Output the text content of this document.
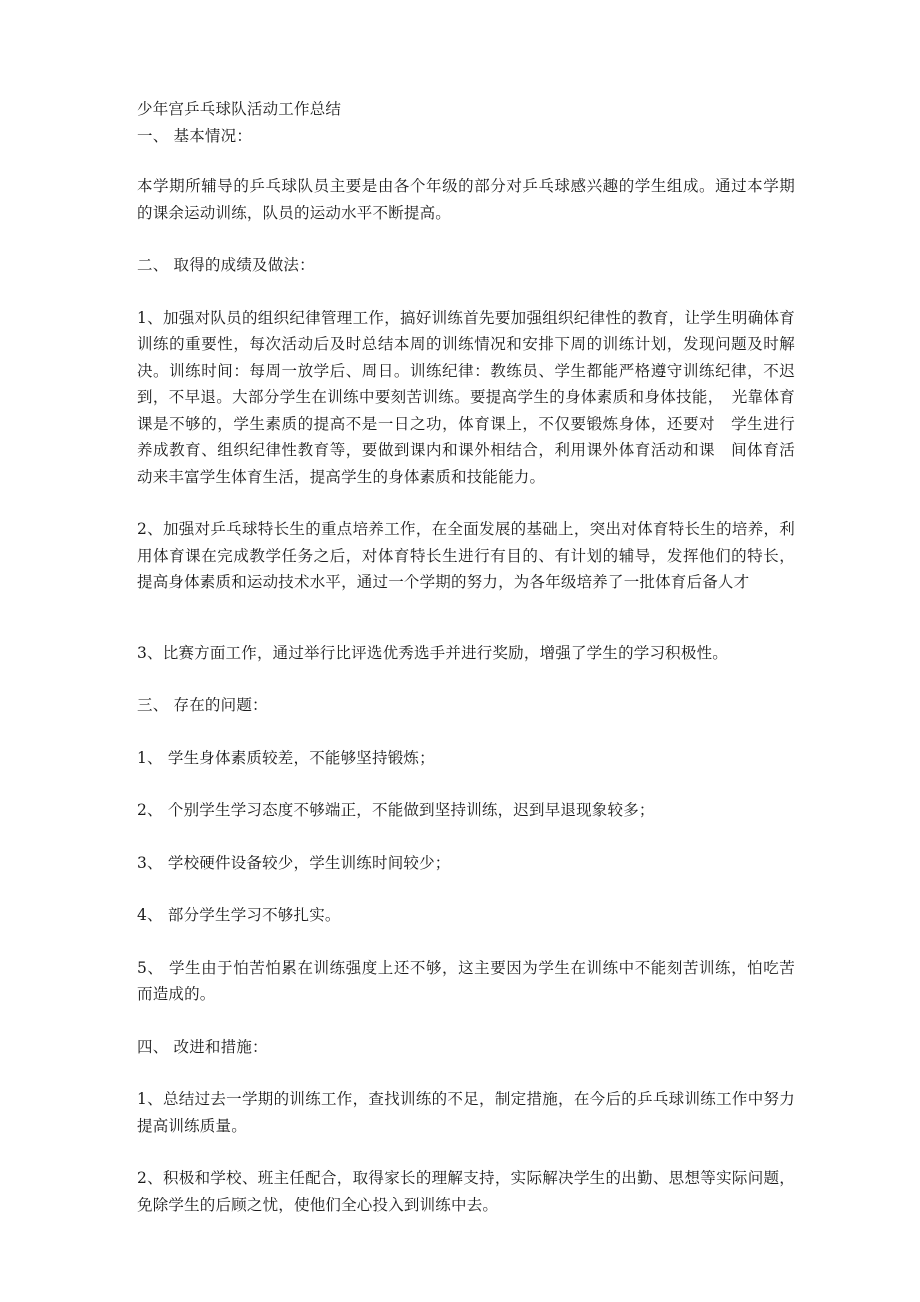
少年宫乒乓球队活动工作总结

一、 基本情况：

本学期所辅导的乒乓球队员主要是由各个年级的部分对乒乓球感兴趣的学生组成。通过本学期的课余运动训练，队员的运动水平不断提高。

二、 取得的成绩及做法：

1、加强对队员的组织纪律管理工作，搞好训练首先要加强组织纪律性的教育，让学生明确体育训练的重要性，每次活动后及时总结本周的训练情况和安排下周的训练计划，发现问题及时解决。训练时间：每周一放学后、周日。训练纪律：教练员、学生都能严格遵守训练纪律，不迟到，不早退。大部分学生在训练中要刻苦训练。要提高学生的身体素质和身体技能，　光靠体育课是不够的，学生素质的提高不是一日之功，体育课上，不仅要锻炼身体，还要对　学生进行养成教育、组织纪律性教育等，要做到课内和课外相结合，利用课外体育活动和课　间体育活动来丰富学生体育生活，提高学生的身体素质和技能能力。

2、加强对乒乓球特长生的重点培养工作，在全面发展的基础上，突出对体育特长生的培养，利用体育课在完成教学任务之后，对体育特长生进行有目的、有计划的辅导，发挥他们的特长，提高身体素质和运动技术水平，通过一个学期的努力，为各年级培养了一批体育后备人才

3、比赛方面工作，通过举行比评选优秀选手并进行奖励，增强了学生的学习积极性。

三、 存在的问题：

1、 学生身体素质较差，不能够坚持锻炼；

2、 个别学生学习态度不够端正，不能做到坚持训练，迟到早退现象较多；

3、 学校硬件设备较少，学生训练时间较少；

4、 部分学生学习不够扎实。

5、 学生由于怕苦怕累在训练强度上还不够，这主要因为学生在训练中不能刻苦训练，怕吃苦而造成的。

四、 改进和措施：

1、总结过去一学期的训练工作，查找训练的不足，制定措施，在今后的乒乓球训练工作中努力提高训练质量。

2、积极和学校、班主任配合，取得家长的理解支持，实际解决学生的出勤、思想等实际问题，免除学生的后顾之忧，使他们全心投入到训练中去。
